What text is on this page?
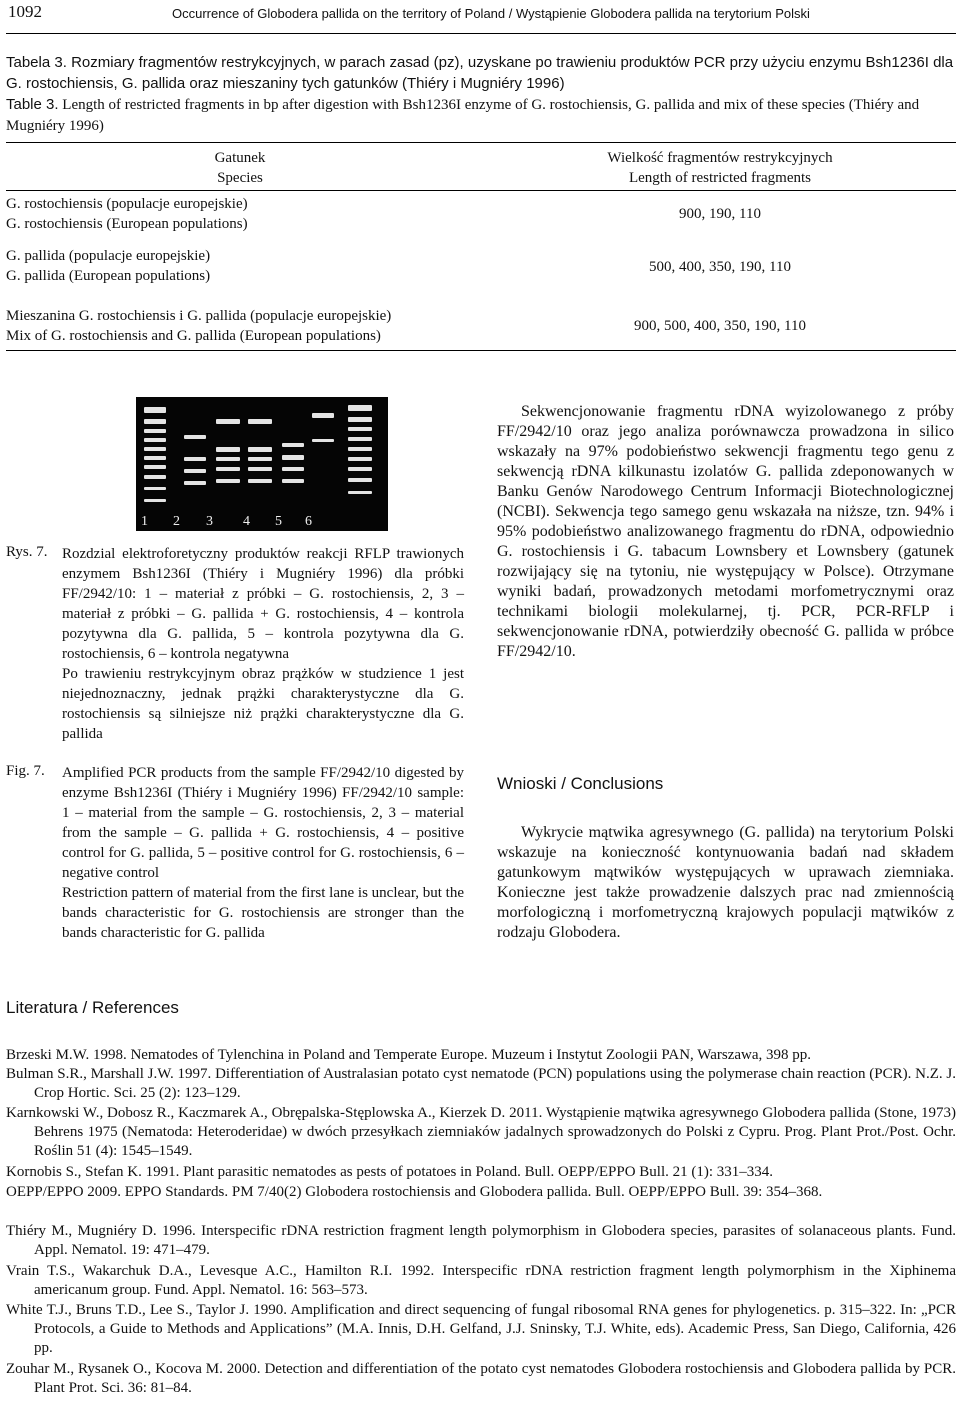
1092	Occurrence of Globodera pallida on the territory of Poland / Wystąpienie Globodera pallida na terytorium Polski
Tabela 3. Rozmiary fragmentów restrykcyjnych, w parach zasad (pz), uzyskane po trawieniu produktów PCR przy użyciu enzymu Bsh1236I dla G. rostochiensis, G. pallida oraz mieszaniny tych gatunków (Thiéry i Mugniéry 1996)
Table 3. Length of restricted fragments in bp after digestion with Bsh1236I enzyme of G. rostochiensis, G. pallida and mix of these species (Thiéry and Mugniéry 1996)
Gatunek
Species
Wielkość fragmentów restrykcyjnych
Length of restricted fragments
G. rostochiensis (populacje europejskie)
G. rostochiensis (European populations)
900, 190, 110
G. pallida (populacje europejskie)
G. pallida (European populations)
500, 400, 350, 190, 110
Mieszanina G. rostochiensis i G. pallida (populacje europejskie)
Mix of G. rostochiensis and G. pallida (European populations)
900, 500, 400, 350, 190, 110
1 2 3 4 5 6
Rys. 7. Rozdzial elektroforetyczny produktów reakcji RFLP trawionych enzymem Bsh1236I (Thiéry i Mugniéry 1996) dla próbki FF/2942/10: 1 – materiał z próbki – G. rostochiensis, 2, 3 – materiał z próbki – G. pallida + G. rostochiensis, 4 – kontrola pozytywna dla G. pallida, 5 – kontrola pozytywna dla G. rostochiensis, 6 – kontrola negatywna
Po trawieniu restrykcyjnym obraz prążków w studzience 1 jest niejednoznaczny, jednak prążki charakterystyczne dla G. rostochiensis są silniejsze niż prążki charakterystyczne dla G. pallida
Fig. 7. Amplified PCR products from the sample FF/2942/10 digested by enzyme Bsh1236I (Thiéry i Mugniéry 1996) FF/2942/10 sample: 1 – material from the sample – G. rostochiensis, 2, 3 – material from the sample – G. pallida + G. rostochiensis, 4 – positive control for G. pallida, 5 – positive control for G. rostochiensis, 6 – negative control
Restriction pattern of material from the first lane is unclear, but the bands characteristic for G. rostochiensis are stronger than the bands characteristic for G. pallida
Sekwencjonowanie fragmentu rDNA wyizolowanego z próby FF/2942/10 oraz jego analiza porównawcza prowadzona in silico wskazały na 97% podobieństwo sekwencji fragmentu tego genu z sekwencją rDNA kilkunastu izolatów G. pallida zdeponowanych w Banku Genów Narodowego Centrum Informacji Biotechnologicznej (NCBI). Sekwencja tego samego genu wskazała na niższe, tzn. 94% i 95% podobieństwo analizowanego fragmentu do rDNA, odpowiednio G. rostochiensis i G. tabacum Lownsbery et Lownsbery (gatunek rozwijający się na tytoniu, nie występujący w Polsce). Otrzymane wyniki badań, prowadzonych metodami morfometrycznymi oraz technikami biologii molekularnej, tj. PCR, PCR-RFLP i sekwencjonowanie rDNA, potwierdziły obecność G. pallida w próbce FF/2942/10.
Wnioski / Conclusions
Wykrycie mątwika agresywnego (G. pallida) na terytorium Polski wskazuje na konieczność kontynuowania badań nad składem gatunkowym mątwików występujących w uprawach ziemniaka. Konieczne jest także prowadzenie dalszych prac nad zmiennością morfologiczną i morfometryczną krajowych populacji mątwików z rodzaju Globodera.
Literatura / References
Brzeski M.W. 1998. Nematodes of Tylenchina in Poland and Temperate Europe. Muzeum i Instytut Zoologii PAN, Warszawa, 398 pp.
Bulman S.R., Marshall J.W. 1997. Differentiation of Australasian potato cyst nematode (PCN) populations using the polymerase chain reaction (PCR). N.Z. J. Crop Hortic. Sci. 25 (2): 123–129.
Karnkowski W., Dobosz R., Kaczmarek A., Obrępalska-Stęplowska A., Kierzek D. 2011. Wystąpienie mątwika agresywnego Globodera pallida (Stone, 1973) Behrens 1975 (Nematoda: Heteroderidae) w dwóch przesyłkach ziemniaków jadalnych sprowadzonych do Polski z Cypru. Prog. Plant Prot./Post. Ochr. Roślin 51 (4): 1545–1549.
Kornobis S., Stefan K. 1991. Plant parasitic nematodes as pests of potatoes in Poland. Bull. OEPP/EPPO Bull. 21 (1): 331–334.
OEPP/EPPO 2009. EPPO Standards. PM 7/40(2) Globodera rostochiensis and Globodera pallida. Bull. OEPP/EPPO Bull. 39: 354–368.
Thiéry M., Mugniéry D. 1996. Interspecific rDNA restriction fragment length polymorphism in Globodera species, parasites of solanaceous plants. Fund. Appl. Nematol. 19: 471–479.
Vrain T.S., Wakarchuk D.A., Levesque A.C., Hamilton R.I. 1992. Interspecific rDNA restriction fragment length polymorphism in the Xiphinema americanum group. Fund. Appl. Nematol. 16: 563–573.
White T.J., Bruns T.D., Lee S., Taylor J. 1990. Amplification and direct sequencing of fungal ribosomal RNA genes for phylogenetics. p. 315–322. In: „PCR Protocols, a Guide to Methods and Applications” (M.A. Innis, D.H. Gelfand, J.J. Sninsky, T.J. White, eds). Academic Press, San Diego, California, 426 pp.
Zouhar M., Rysanek O., Kocova M. 2000. Detection and differentiation of the potato cyst nematodes Globodera rostochiensis and Globodera pallida by PCR. Plant Prot. Sci. 36: 81–84.
